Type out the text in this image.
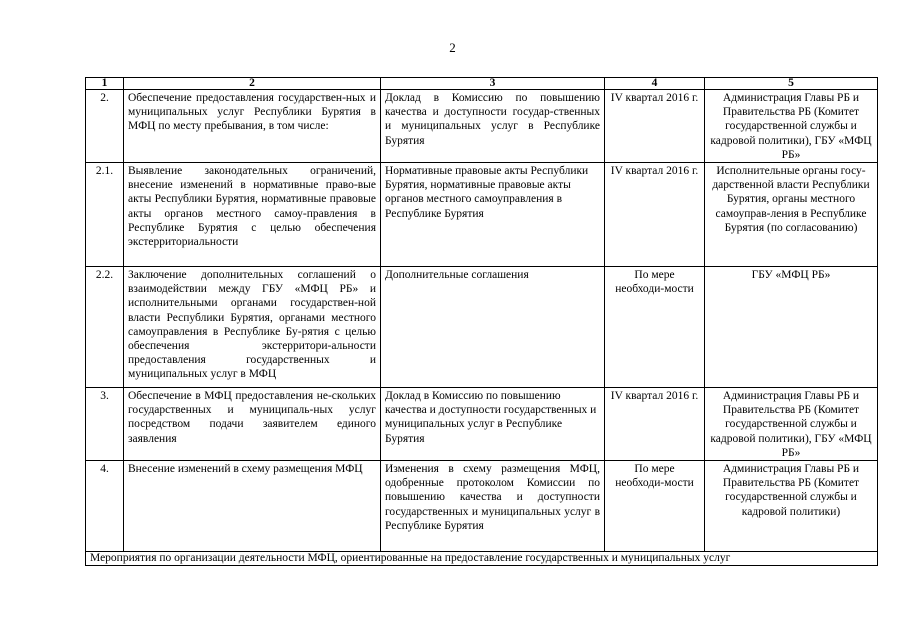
2
1	2	3	4	5
2.	Обеспечение предоставления государствен-ных и муниципальных услуг Республики Бурятия в МФЦ по месту пребывания, в том числе:	Доклад в Комиссию по повышению качества и доступности государ-ственных и муниципальных услуг в Республике Бурятия	IV квартал 2016 г.	Администрация Главы РБ и Правительства РБ (Комитет государственной службы и кадровой политики), ГБУ «МФЦ РБ»
2.1.	Выявление законодательных ограничений, внесение изменений в нормативные право-вые акты Республики Бурятия, нормативные правовые акты органов местного самоу-правления в Республике Бурятия с целью обеспечения экстерриториальности	Нормативные правовые акты Республики Бурятия, нормативные правовые акты органов местного самоуправления в Республике Бурятия	IV квартал 2016 г.	Исполнительные органы госу-дарственной власти Республики Бурятия, органы местного самоуправ-ления в Республике Бурятия (по согласованию)
2.2.	Заключение дополнительных соглашений о взаимодействии между ГБУ «МФЦ РБ» и исполнительными органами государствен-ной власти Республики Бурятия, органами местного самоуправления в Республике Бу-рятия с целью обеспечения экстерритори-альности предоставления государственных и муниципальных услуг в МФЦ	Дополнительные соглашения	По мере необходи-мости	ГБУ «МФЦ РБ»
3.	Обеспечение в МФЦ предоставления не-скольких государственных и муниципаль-ных услуг посредством подачи заявителем единого заявления	Доклад в Комиссию по повышению качества и доступности государственных и муниципальных услуг в Республике Бурятия	IV квартал 2016 г.	Администрация Главы РБ и Правительства РБ (Комитет государственной службы и кадровой политики), ГБУ «МФЦ РБ»
4.	Внесение изменений в схему размещения МФЦ	Изменения в схему размещения МФЦ, одобренные протоколом Комиссии по повышению качества и доступности государственных и муниципальных услуг в Республике Бурятия	По мере необходи-мости	Администрация Главы РБ и Правительства РБ (Комитет государственной службы и кадровой политики)
Мероприятия по организации деятельности МФЦ, ориентированные на предоставление государственных и муниципальных услуг				
